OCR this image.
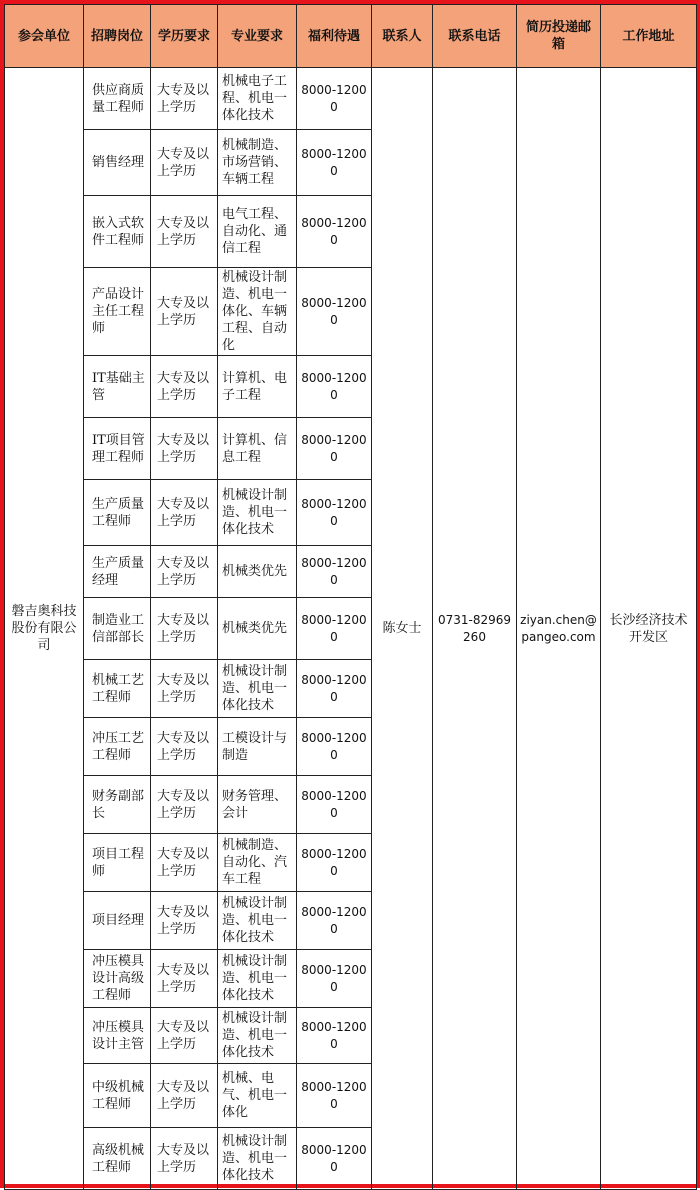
参会单位	招聘岗位	学历要求	专业要求	福利待遇	联系人	联系电话	简历投递邮箱	工作地址
磐吉奥科技股份有限公司	供应商质量工程师	大专及以上学历	机械电子工程、机电一体化技术	8000-12000	陈女士	0731-82969260	ziyan.chen@pangeo.com	长沙经济技术开发区
	销售经理	大专及以上学历	机械制造、市场营销、车辆工程	8000-12000				
	嵌入式软件工程师	大专及以上学历	电气工程、自动化、通信工程	8000-12000				
	产品设计主任工程师	大专及以上学历	机械设计制造、机电一体化、车辆工程、自动化	8000-12000				
	IT基础主管	大专及以上学历	计算机、电子工程	8000-12000				
	IT项目管理工程师	大专及以上学历	计算机、信息工程	8000-12000				
	生产质量工程师	大专及以上学历	机械设计制造、机电一体化技术	8000-12000				
	生产质量经理	大专及以上学历	机械类优先	8000-12000				
	制造业工信部部长	大专及以上学历	机械类优先	8000-12000				
	机械工艺工程师	大专及以上学历	机械设计制造、机电一体化技术	8000-12000				
	冲压工艺工程师	大专及以上学历	工模设计与制造	8000-12000				
	财务副部长	大专及以上学历	财务管理、会计	8000-12000				
	项目工程师	大专及以上学历	机械制造、自动化、汽车工程	8000-12000				
	项目经理	大专及以上学历	机械设计制造、机电一体化技术	8000-12000				
	冲压模具设计高级工程师	大专及以上学历	机械设计制造、机电一体化技术	8000-12000				
	冲压模具设计主管	大专及以上学历	机械设计制造、机电一体化技术	8000-12000				
	中级机械工程师	大专及以上学历	机械、电气、机电一体化	8000-12000				
	高级机械工程师	大专及以上学历	机械设计制造、机电一体化技术	8000-12000				
